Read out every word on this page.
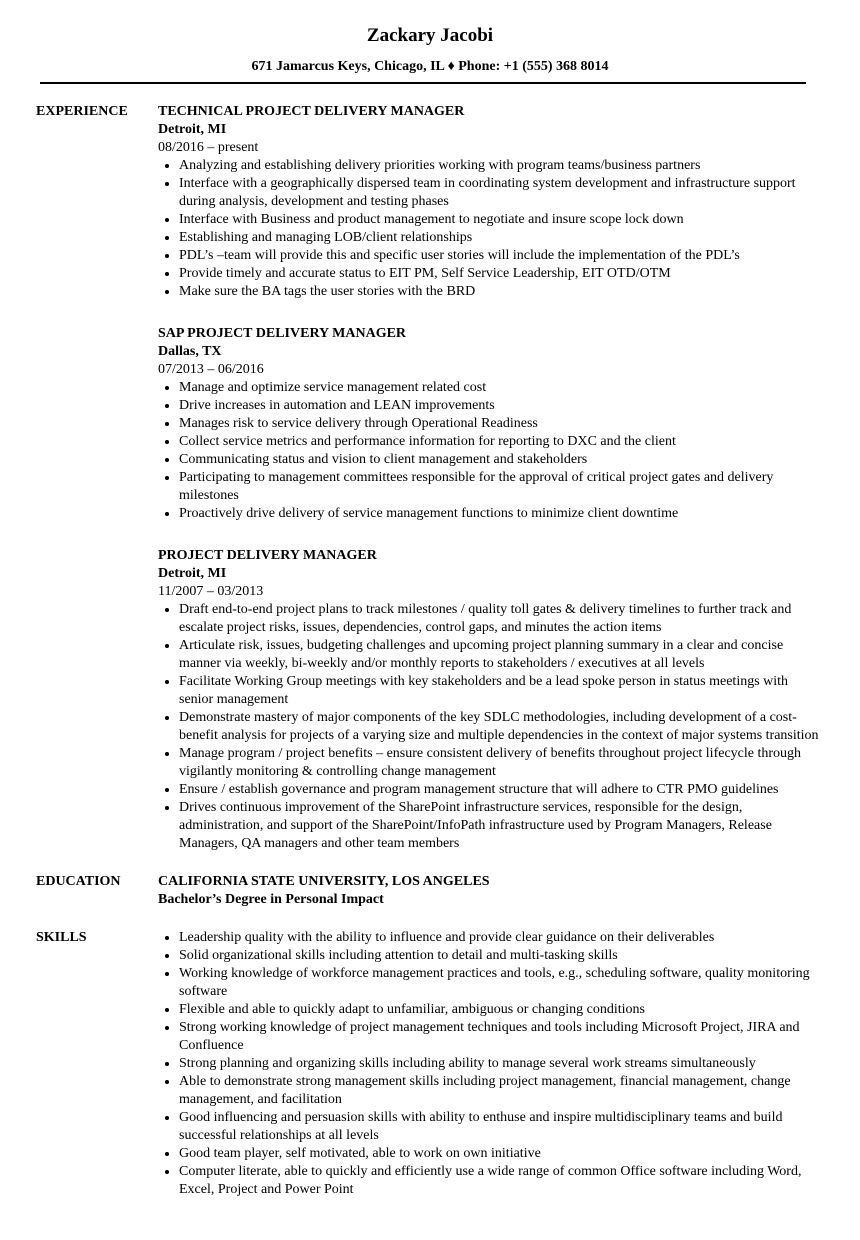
Zackary Jacobi
671 Jamarcus Keys, Chicago, IL ♦ Phone: +1 (555) 368 8014
EXPERIENCE	TECHNICAL PROJECT DELIVERY MANAGER
Detroit, MI
08/2016 – present
• Analyzing and establishing delivery priorities working with program teams/business partners
• Interface with a geographically dispersed team in coordinating system development and infrastructure support during analysis, development and testing phases
• Interface with Business and product management to negotiate and insure scope lock down
• Establishing and managing LOB/client relationships
• PDL’s –team will provide this and specific user stories will include the implementation of the PDL’s
• Provide timely and accurate status to EIT PM, Self Service Leadership, EIT OTD/OTM
• Make sure the BA tags the user stories with the BRD
SAP PROJECT DELIVERY MANAGER
Dallas, TX
07/2013 – 06/2016
• Manage and optimize service management related cost
• Drive increases in automation and LEAN improvements
• Manages risk to service delivery through Operational Readiness
• Collect service metrics and performance information for reporting to DXC and the client
• Communicating status and vision to client management and stakeholders
• Participating to management committees responsible for the approval of critical project gates and delivery milestones
• Proactively drive delivery of service management functions to minimize client downtime
PROJECT DELIVERY MANAGER
Detroit, MI
11/2007 – 03/2013
• Draft end-to-end project plans to track milestones / quality toll gates & delivery timelines to further track and escalate project risks, issues, dependencies, control gaps, and minutes the action items
• Articulate risk, issues, budgeting challenges and upcoming project planning summary in a clear and concise manner via weekly, bi-weekly and/or monthly reports to stakeholders / executives at all levels
• Facilitate Working Group meetings with key stakeholders and be a lead spoke person in status meetings with senior management
• Demonstrate mastery of major components of the key SDLC methodologies, including development of a cost-benefit analysis for projects of a varying size and multiple dependencies in the context of major systems transition
• Manage program / project benefits – ensure consistent delivery of benefits throughout project lifecycle through vigilantly monitoring & controlling change management
• Ensure / establish governance and program management structure that will adhere to CTR PMO guidelines
• Drives continuous improvement of the SharePoint infrastructure services, responsible for the design, administration, and support of the SharePoint/InfoPath infrastructure used by Program Managers, Release Managers, QA managers and other team members
EDUCATION	CALIFORNIA STATE UNIVERSITY, LOS ANGELES
Bachelor’s Degree in Personal Impact
SKILLS
•	Leadership quality with the ability to influence and provide clear guidance on their deliverables
• Solid organizational skills including attention to detail and multi-tasking skills
• Working knowledge of workforce management practices and tools, e.g., scheduling software, quality monitoring software
• Flexible and able to quickly adapt to unfamiliar, ambiguous or changing conditions
• Strong working knowledge of project management techniques and tools including Microsoft Project, JIRA and Confluence
• Strong planning and organizing skills including ability to manage several work streams simultaneously
• Able to demonstrate strong management skills including project management, financial management, change management, and facilitation
• Good influencing and persuasion skills with ability to enthuse and inspire multidisciplinary teams and build successful relationships at all levels
• Good team player, self motivated, able to work on own initiative
• Computer literate, able to quickly and efficiently use a wide range of common Office software including Word, Excel, Project and Power Point
